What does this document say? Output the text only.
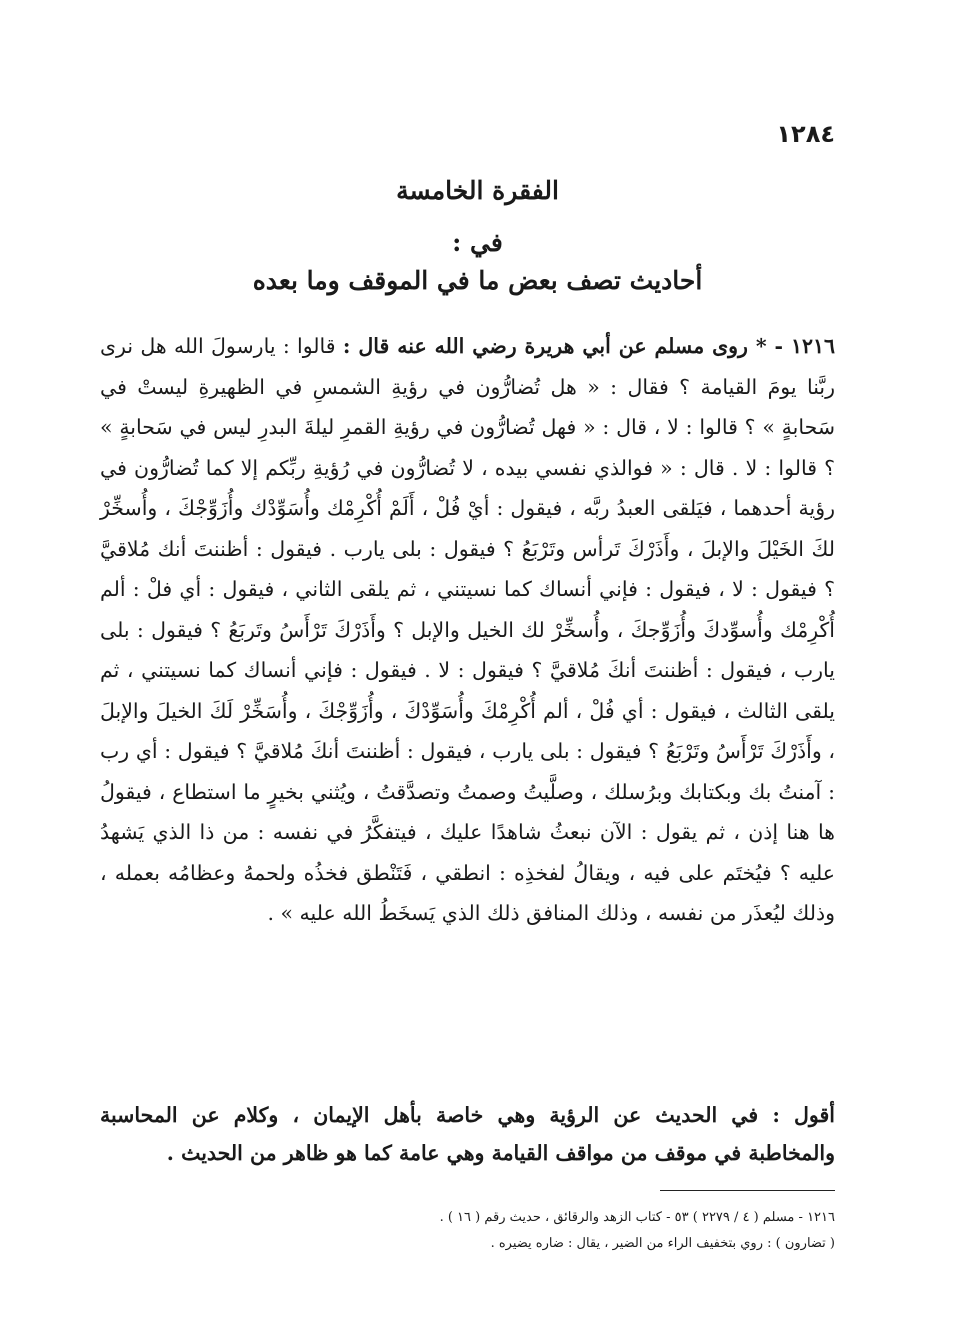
١٢٨٤
الفقرة الخامسة
في :
أحاديث تصف بعض ما في الموقف وما بعده
١٢١٦ - * روى مسلم عن أبي هريرة رضي الله عنه قال : قالوا : يارسولَ الله هل نرى ربَّنا يومَ القيامة ؟ فقال : « هل تُضارُّون في رؤيةِ الشمسِ في الظهيرةِ ليستْ في سَحابةٍ » ؟ قالوا : لا ، قال : « فهل تُضارُّون في رؤيةِ القمرِ ليلةَ البدرِ ليس في سَحابةٍ » ؟ قالوا : لا . قال : « فوالذي نفسي بيده ، لا تُضارُّون في رُؤيةِ ربِّكم إلا كما تُضارُّون في رؤية أحدهما ، فيَلقى العبدُ ربَّه ، فيقول : أيْ فُلْ ، أَلَمْ أُكْرِمْك وأُسَوِّدْك وأُزَوِّجْكَ ، وأُسخِّرْ لكَ الخَيْلَ والإبلَ ، وأَذَرْكَ تَرأس وتَرْبَعُ ؟ فيقول : بلى يارب . فيقول : أظننتَ أنك مُلاقيَّ ؟ فيقول : لا ، فيقول : فإني أنساك كما نسيتني ، ثم يلقى الثاني ، فيقول : أي فلْ : ألم أُكْرِمْك وأُسوِّدكَ وأُزَوِّجكَ ، وأُسخِّرْ لك الخيل والإبل ؟ وأَذَرْكَ تَرْأَسُ وتَربَعُ ؟ فيقول : بلى يارب ، فيقول : أظننتَ أنكَ مُلاقيَّ ؟ فيقول : لا . فيقول : فإني أنساك كما نسيتني ، ثم يلقى الثالث ، فيقول : أي فُلْ ، ألم أُكْرِمْكَ وأُسَوِّدْكَ ، وأُزَوِّجْكَ ، وأُسَخِّرْ لَكَ الخيلَ والإبلَ ، وأَذَرْكَ تَرْأَسُ وتَرْبَعُ ؟ فيقول : بلى يارب ، فيقول : أظننتَ أنكَ مُلاقيَّ ؟ فيقول : أي رب : آمنتُ بك وبكتابك وبرُسلك ، وصلَّيتُ وصمتُ وتصدَّقتُ ، ويُثني بخيرٍ ما استطاع ، فيقولُ ها هنا إذن ، ثم يقول : الآن نبعثُ شاهدًا عليك ، فيتفكَّرُ في نفسه : من ذا الذي يَشهدُ عليه ؟ فيُختَم على فيه ، ويقالُ لفخذِه : انطقي ، فَتَنْطق فخذُه ولحمهُ وعظامُه بعمله ، وذلك ليُعذَر من نفسه ، وذلك المنافق ذلك الذي يَسخَطُ الله عليه » .
أقول : في الحديث عن الرؤية وهي خاصة بأهل الإيمان ، وكلام عن المحاسبة والمخاطبة في موقف من مواقف القيامة وهي عامة كما هو ظاهر من الحديث .
١٢١٦ - مسلم ( ٤ / ٢٢٧٩ ) ٥٣ - كتاب الزهد والرقائق ، حديث رقم ( ١٦ ) .
( تضارون ) : روي بتخفيف الراء من الضير ، يقال : ضاره يضيره .
